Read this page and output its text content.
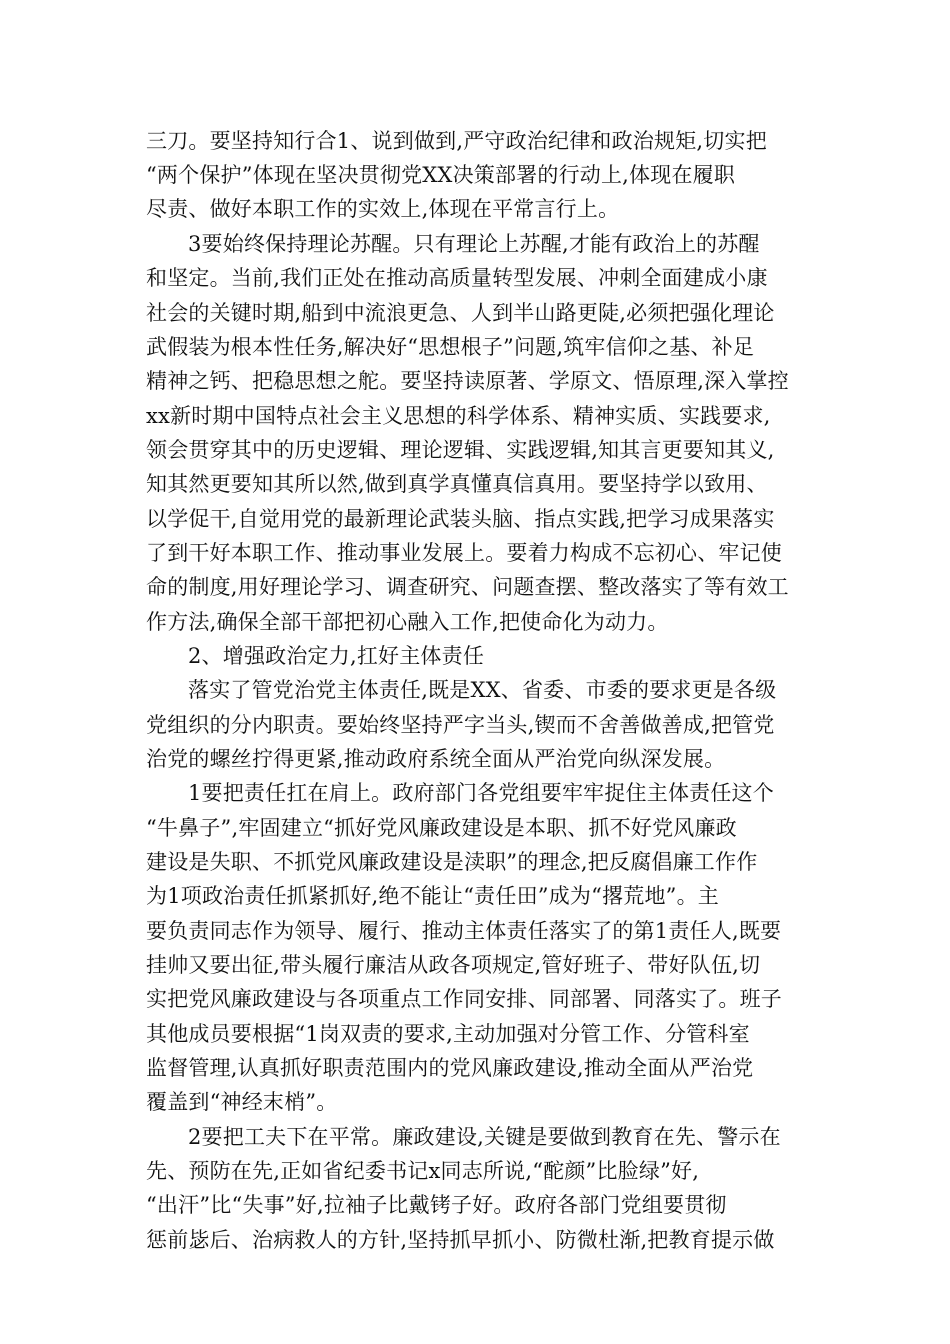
三刀。要坚持知行合1、说到做到,严守政治纪律和政治规矩,切实把
“两个保护”体现在坚决贯彻党XX决策部署的行动上,体现在履职
尽责、做好本职工作的实效上,体现在平常言行上。
3要始终保持理论苏醒。只有理论上苏醒,才能有政治上的苏醒
和坚定。当前,我们正处在推动高质量转型发展、冲刺全面建成小康
社会的关键时期,船到中流浪更急、人到半山路更陡,必须把强化理论
武假装为根本性任务,解决好“思想根子”问题,筑牢信仰之基、补足
精神之钙、把稳思想之舵。要坚持读原著、学原文、悟原理,深入掌控
xx新时期中国特点社会主义思想的科学体系、精神实质、实践要求,
领会贯穿其中的历史逻辑、理论逻辑、实践逻辑,知其言更要知其义,
知其然更要知其所以然,做到真学真懂真信真用。要坚持学以致用、
以学促干,自觉用党的最新理论武装头脑、指点实践,把学习成果落实
了到干好本职工作、推动事业发展上。要着力构成不忘初心、牢记使
命的制度,用好理论学习、调查研究、问题查摆、整改落实了等有效工
作方法,确保全部干部把初心融入工作,把使命化为动力。
2、增强政治定力,扛好主体责任
落实了管党治党主体责任,既是XX、省委、市委的要求更是各级
党组织的分内职责。要始终坚持严字当头,锲而不舍善做善成,把管党
治党的螺丝拧得更紧,推动政府系统全面从严治党向纵深发展。
1要把责任扛在肩上。政府部门各党组要牢牢捉住主体责任这个
“牛鼻子”,牢固建立“抓好党风廉政建设是本职、抓不好党风廉政
建设是失职、不抓党风廉政建设是渎职”的理念,把反腐倡廉工作作
为1项政治责任抓紧抓好,绝不能让“责任田”成为“撂荒地”。主
要负责同志作为领导、履行、推动主体责任落实了的第1责任人,既要
挂帅又要出征,带头履行廉洁从政各项规定,管好班子、带好队伍,切
实把党风廉政建设与各项重点工作同安排、同部署、同落实了。班子
其他成员要根据“1岗双责的要求,主动加强对分管工作、分管科室
监督管理,认真抓好职责范围内的党风廉政建设,推动全面从严治党
覆盖到“神经末梢”。
2要把工夫下在平常。廉政建设,关键是要做到教育在先、警示在
先、预防在先,正如省纪委书记x同志所说,“酡颜”比脸绿”好,
“出汗”比“失事”好,拉袖子比戴铐子好。政府各部门党组要贯彻
惩前毖后、治病救人的方针,坚持抓早抓小、防微杜渐,把教育提示做
